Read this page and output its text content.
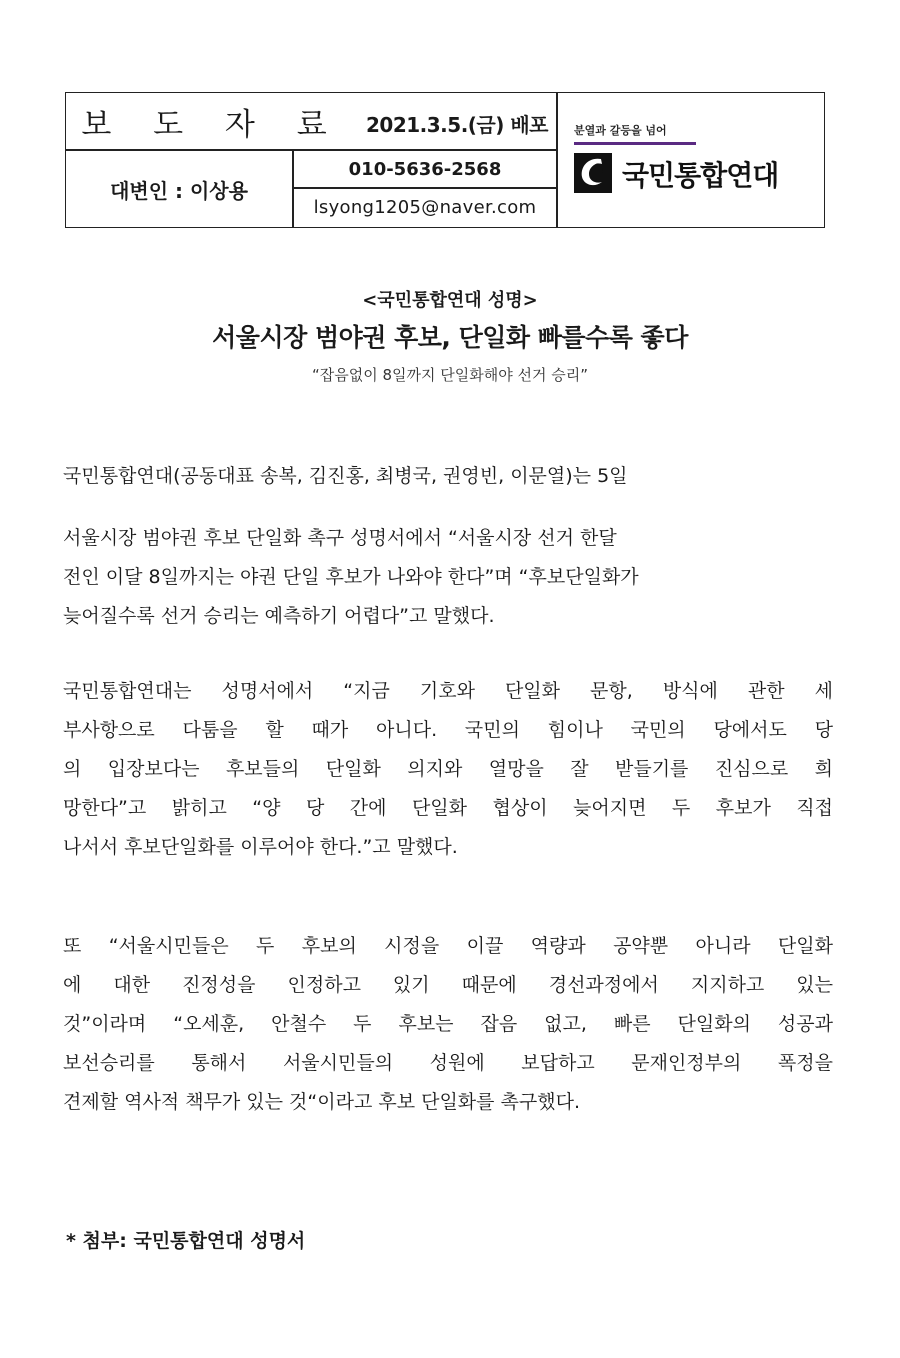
보 도 자 료	2021.3.5.(금) 배포
대변인 : 이상용
010-5636-2568
lsyong1205@naver.com
분열과 갈등을 넘어
국민통합연대
<국민통합연대 성명>
서울시장 범야권 후보, 단일화 빠를수록 좋다
“잡음없이 8일까지 단일화해야 선거 승리”
국민통합연대(공동대표 송복, 김진홍, 최병국, 권영빈, 이문열)는 5일
서울시장 범야권 후보 단일화 촉구 성명서에서 “서울시장 선거 한달
전인 이달 8일까지는 야권 단일 후보가 나와야 한다”며 “후보단일화가
늦어질수록 선거 승리는 예측하기 어렵다”고 말했다.
국민통합연대는 성명서에서 “지금 기호와 단일화 문항, 방식에 관한 세
부사항으로 다툼을 할 때가 아니다. 국민의 힘이나 국민의 당에서도 당
의 입장보다는 후보들의 단일화 의지와 열망을 잘 받들기를 진심으로 희
망한다”고 밝히고 “양 당 간에 단일화 협상이 늦어지면 두 후보가 직접
나서서 후보단일화를 이루어야 한다.”고 말했다.
또 “서울시민들은 두 후보의 시정을 이끌 역량과 공약뿐 아니라 단일화
에 대한 진정성을 인정하고 있기 때문에 경선과정에서 지지하고 있는
것”이라며 “오세훈, 안철수 두 후보는 잡음 없고, 빠른 단일화의 성공과
보선승리를 통해서 서울시민들의 성원에 보답하고 문재인정부의 폭정을
견제할 역사적 책무가 있는 것“이라고 후보 단일화를 촉구했다.
* 첨부: 국민통합연대 성명서
